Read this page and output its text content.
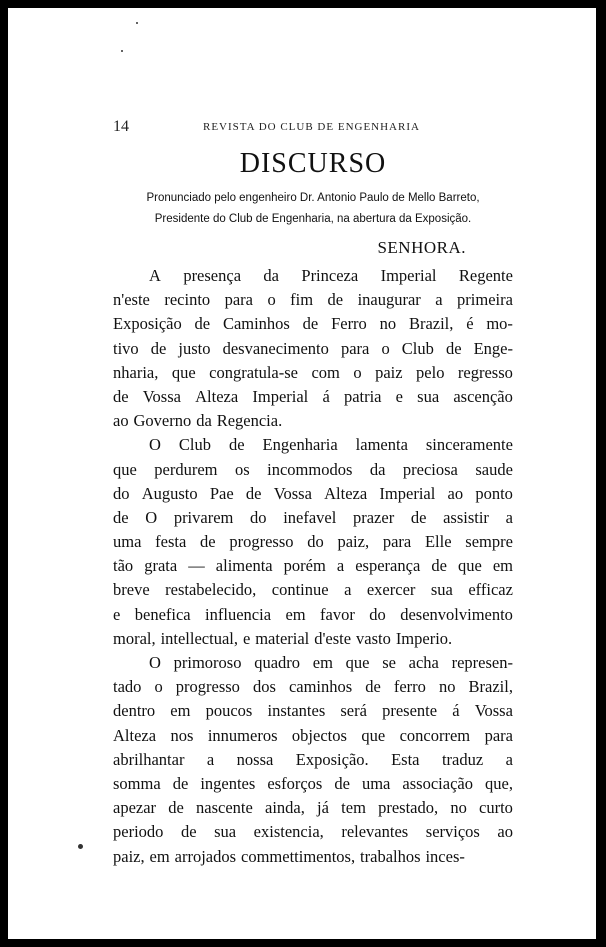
14	REVISTA DO CLUB DE ENGENHARIA
DISCURSO
Pronunciado pelo engenheiro Dr. Antonio Paulo de Mello Barreto,
Presidente do Club de Engenharia, na abertura da Exposição.
SENHORA.
A presença da Princeza Imperial Regente
n'este recinto para o fim de inaugurar a primeira
Exposição de Caminhos de Ferro no Brazil, é mo-
tivo de justo desvanecimento para o Club de Enge-
nharia, que congratula-se com o paiz pelo regresso
de Vossa Alteza Imperial á patria e sua ascenção
ao Governo da Regencia.
O Club de Engenharia lamenta sinceramente
que perdurem os incommodos da preciosa saude
do Augusto Pae de Vossa Alteza Imperial ao ponto
de O privarem do inefavel prazer de assistir a
uma festa de progresso do paiz, para Elle sempre
tão grata — alimenta porém a esperança de que em
breve restabelecido, continue a exercer sua efficaz
e benefica influencia em favor do desenvolvimento
moral, intellectual, e material d'este vasto Imperio.
O primoroso quadro em que se acha represen-
tado o progresso dos caminhos de ferro no Brazil,
dentro em poucos instantes será presente á Vossa
Alteza nos innumeros objectos que concorrem para
abrilhantar a nossa Exposição. Esta traduz a
somma de ingentes esforços de uma associação que,
apezar de nascente ainda, já tem prestado, no curto
periodo de sua existencia, relevantes serviços ao
paiz, em arrojados commettimentos, trabalhos inces-
